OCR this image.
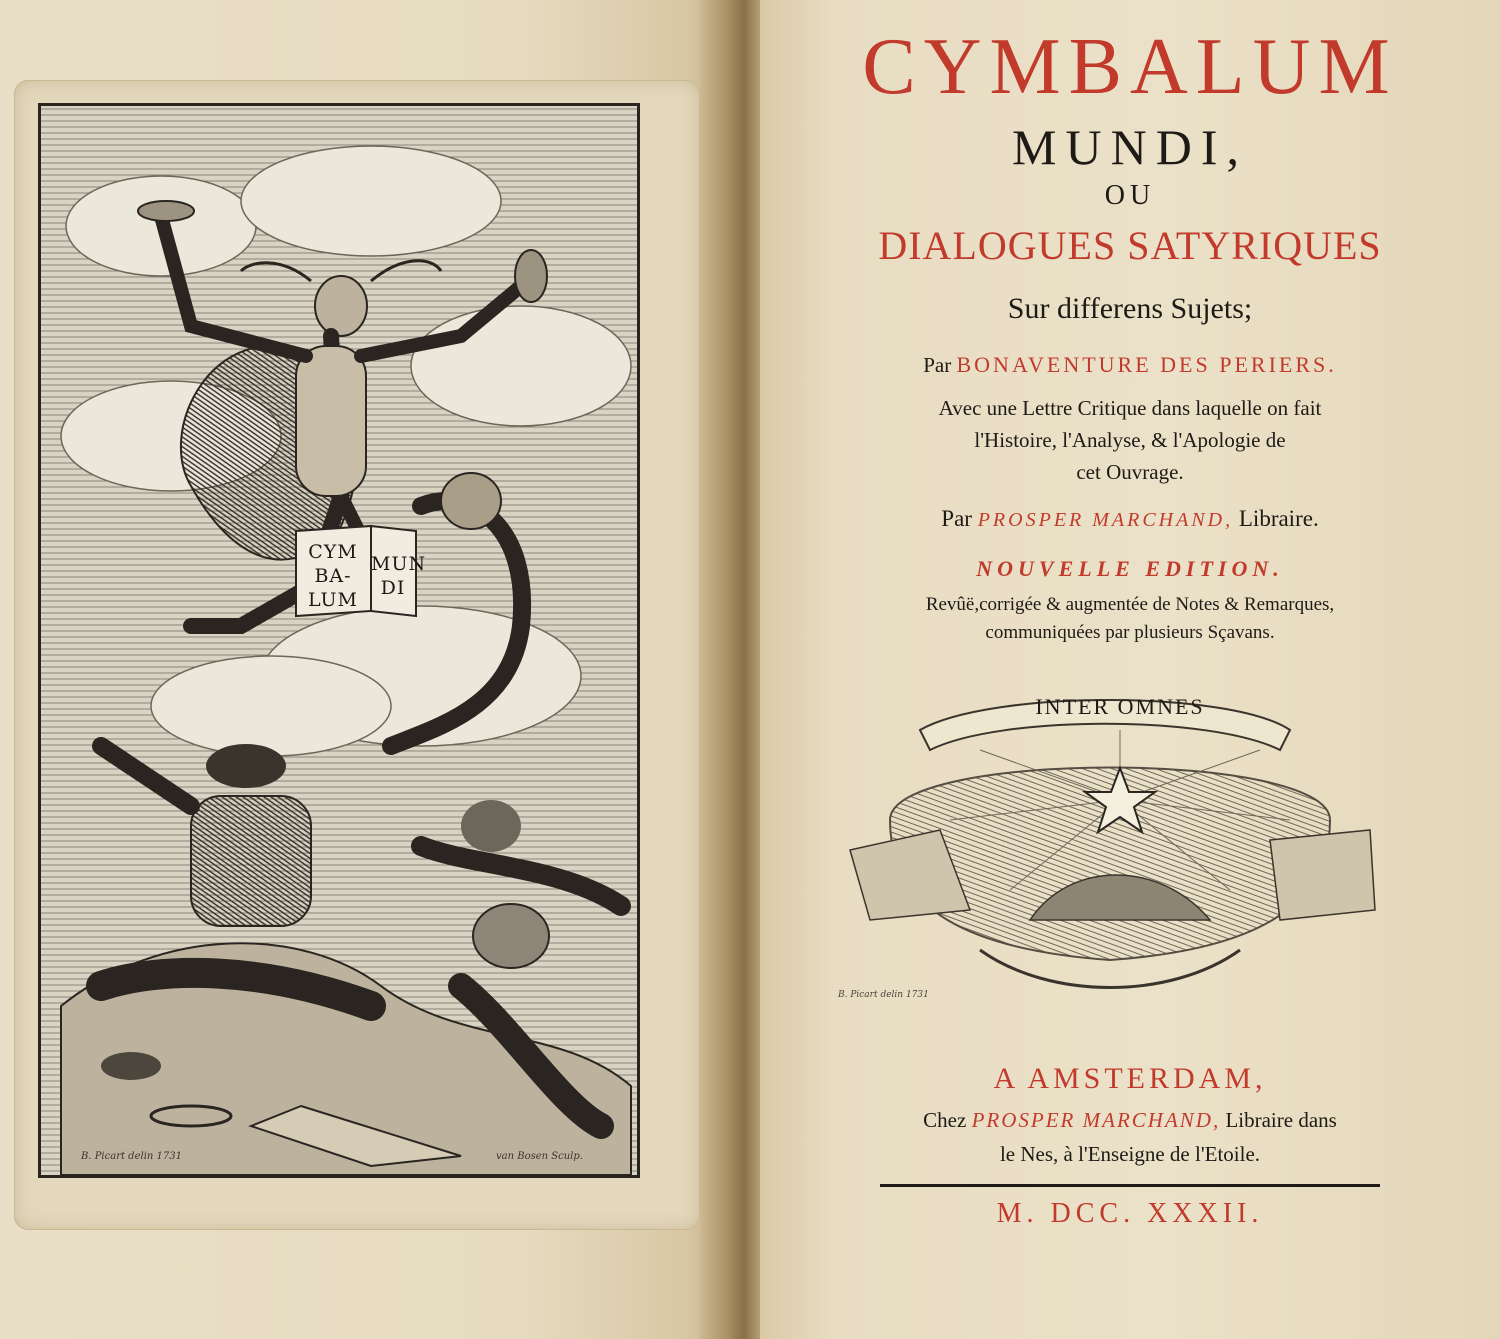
CYM
BA-
LUM
MUN
DI
B. Picart delin 1731	van Bosen Sculp.
CYMBALUM
MUNDI,
OU
DIALOGUES SATYRIQUES
Sur differens Sujets;
Par BONAVENTURE DES PERIERS.
Avec une Lettre Critique dans laquelle on fait
l'Histoire, l'Analyse, & l'Apologie de
cet Ouvrage.
Par PROSPER MARCHAND, Libraire.
NOUVELLE EDITION.
Revûë,corrigée & augmentée de Notes & Remarques,
communiquées par plusieurs Sçavans.
INTER OMNES
B. Picart delin 1731
A AMSTERDAM,
Chez PROSPER MARCHAND, Libraire dans
le Nes, à l'Enseigne de l'Etoile.
M. DCC. XXXII.
